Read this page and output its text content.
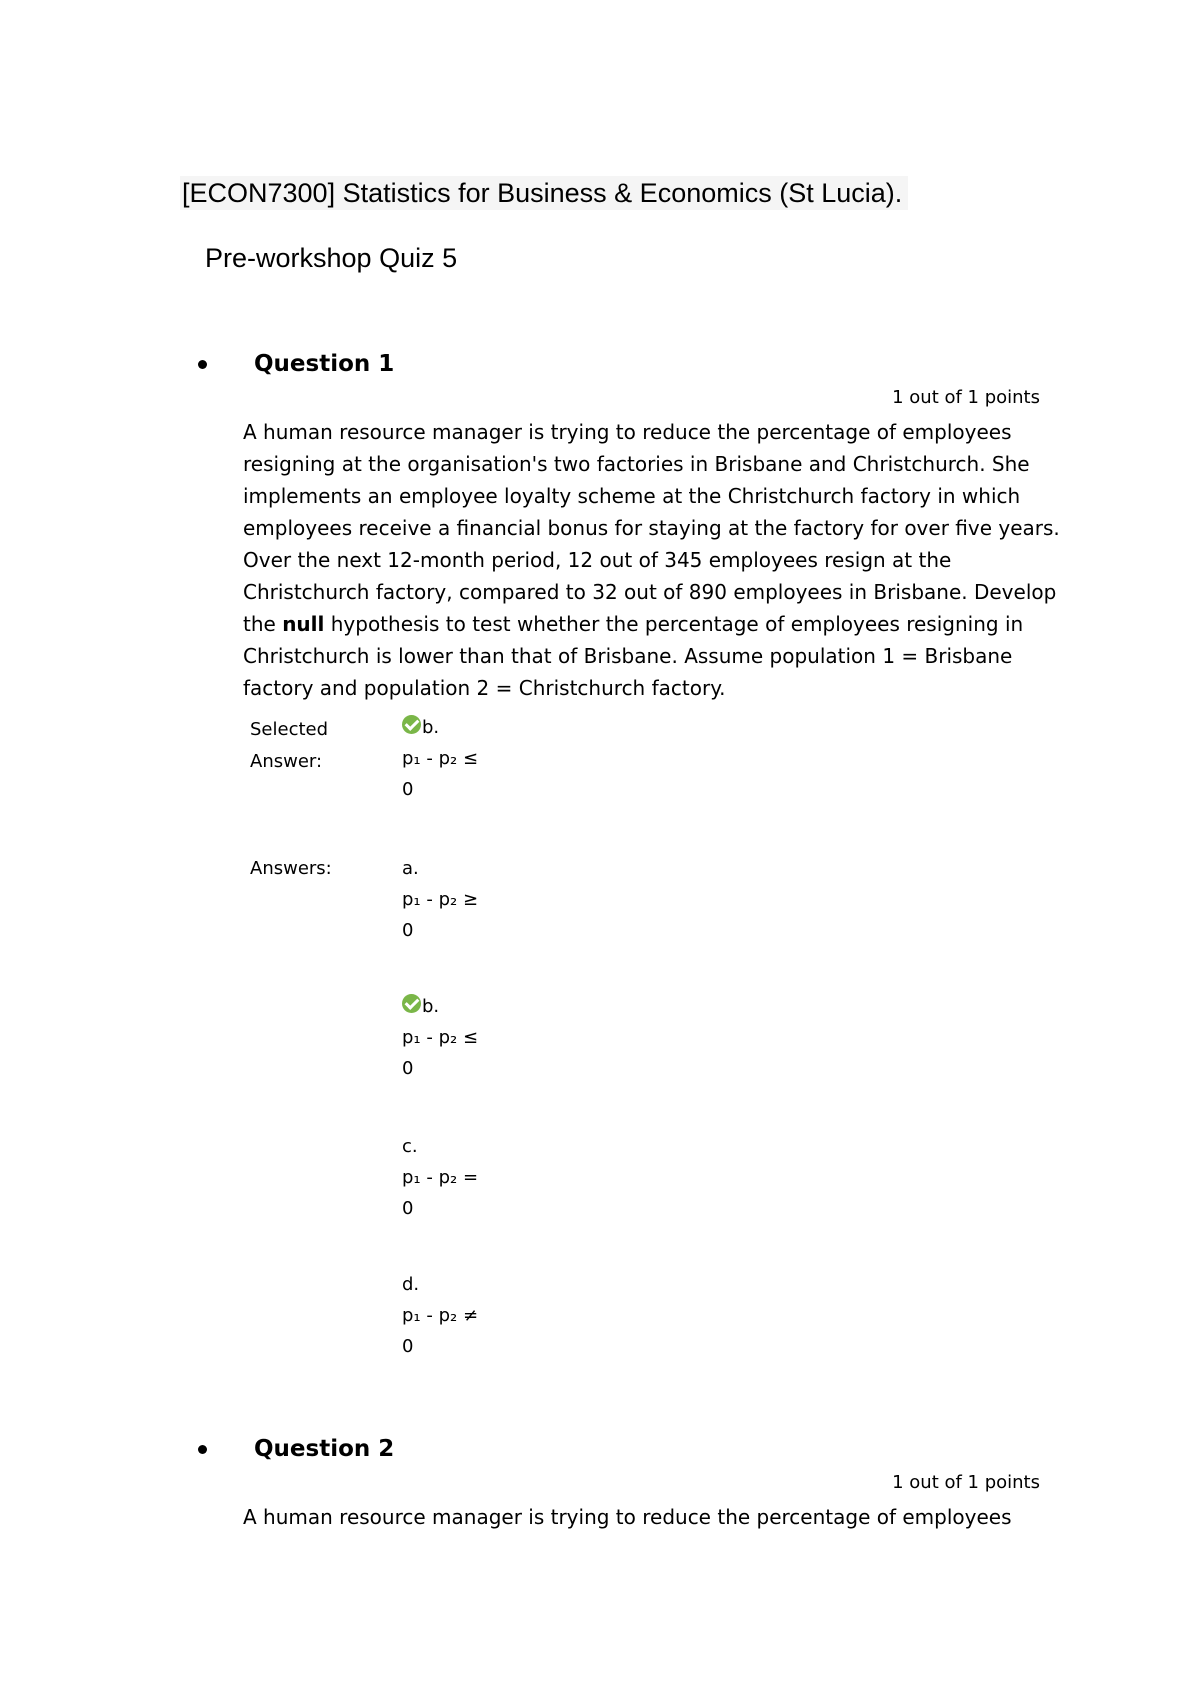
[ECON7300] Statistics for Business & Economics (St Lucia).
Pre-workshop Quiz 5
Question 1
1 out of 1 points
A human resource manager is trying to reduce the percentage of employees resigning at the organisation's two factories in Brisbane and Christchurch. She implements an employee loyalty scheme at the Christchurch factory in which employees receive a financial bonus for staying at the factory for over five years. Over the next 12-month period, 12 out of 345 employees resign at the Christchurch factory, compared to 32 out of 890 employees in Brisbane. Develop the null hypothesis to test whether the percentage of employees resigning in Christchurch is lower than that of Brisbane. Assume population 1 = Brisbane factory and population 2 = Christchurch factory.
Selected
Answer:
b.
p₁ - p₂ ≤
0
Answers:	a.
p₁ - p₂ ≥
0
b.
p₁ - p₂ ≤
0
c.
p₁ - p₂ =
0
d.
p₁ - p₂ ≠
0
Question 2
1 out of 1 points
A human resource manager is trying to reduce the percentage of employees
